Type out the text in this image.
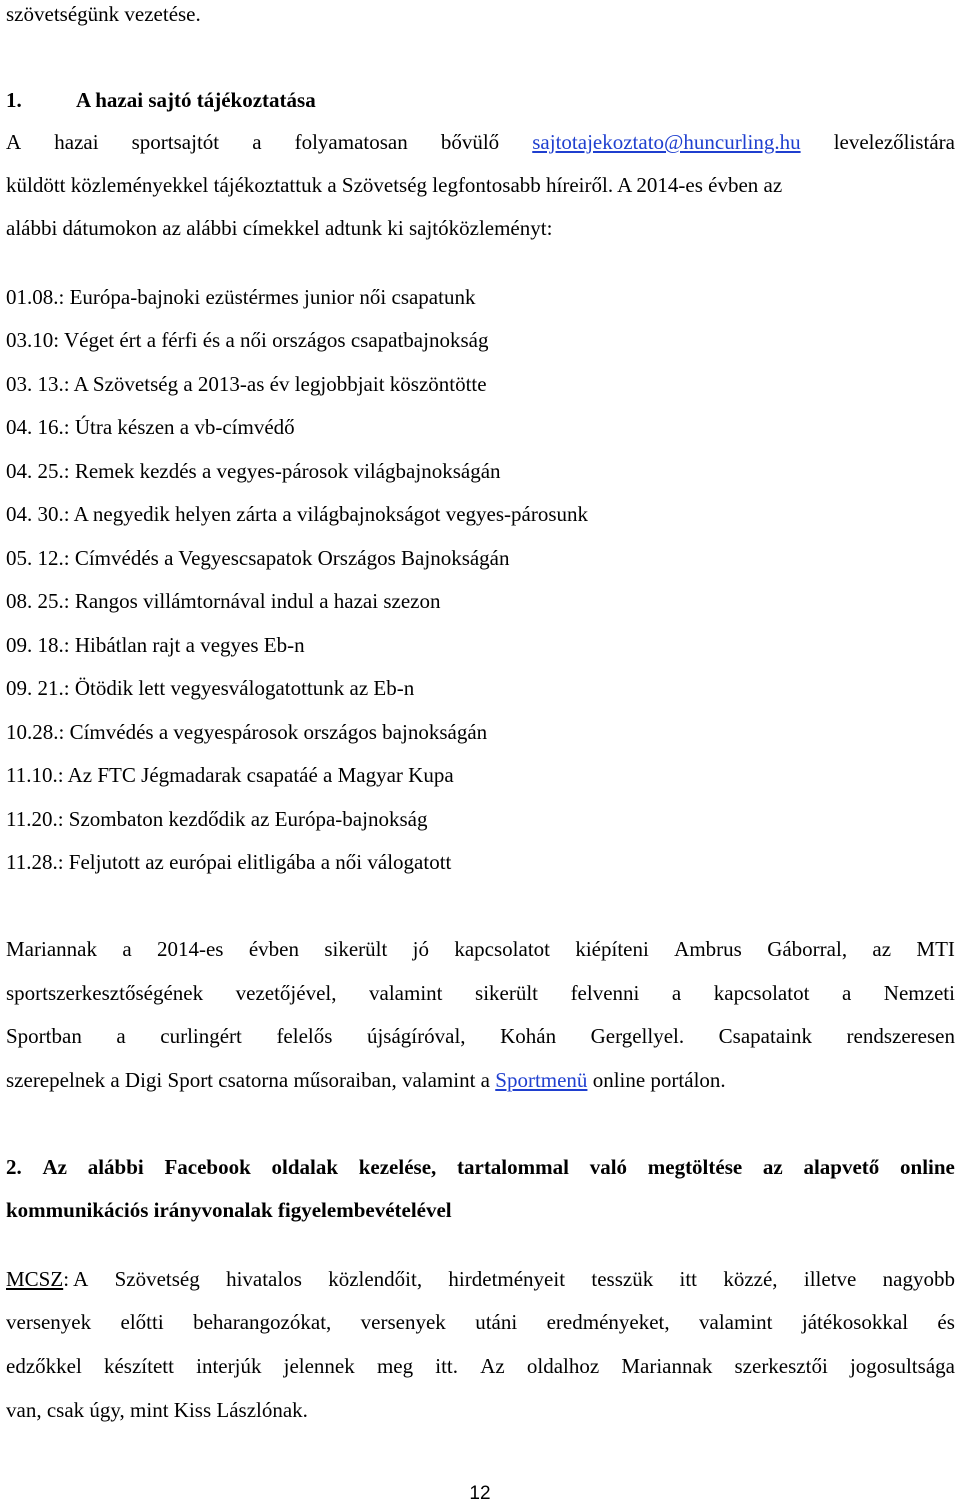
szövetségünk vezetése.
1.	A hazai sajtó tájékoztatása
A hazai sportsajtót a folyamatosan bővülő sajtotajekoztato@huncurling.hu levelezőlistára
küldött közleményekkel tájékoztattuk a Szövetség legfontosabb híreiről. A 2014-es évben az
alábbi dátumokon az alábbi címekkel adtunk ki sajtóközleményt:
01.08.: Európa-bajnoki ezüstérmes junior női csapatunk
03.10: Véget ért a férfi és a női országos csapatbajnokság
03. 13.: A Szövetség a 2013-as év legjobbjait köszöntötte
04. 16.: Útra készen a vb-címvédő
04. 25.: Remek kezdés a vegyes-párosok világbajnokságán
04. 30.: A negyedik helyen zárta a világbajnokságot vegyes-párosunk
05. 12.: Címvédés a Vegyescsapatok Országos Bajnokságán
08. 25.: Rangos villámtornával indul a hazai szezon
09. 18.: Hibátlan rajt a vegyes Eb-n
09. 21.: Ötödik lett vegyesválogatottunk az Eb-n
10.28.: Címvédés a vegyespárosok országos bajnokságán
11.10.: Az FTC Jégmadarak csapatáé a Magyar Kupa
11.20.: Szombaton kezdődik az Európa-bajnokság
11.28.: Feljutott az európai elitligába a női válogatott
Mariannak a 2014-es évben sikerült jó kapcsolatot kiépíteni Ambrus Gáborral, az MTI
sportszerkesztőségének vezetőjével, valamint sikerült felvenni a kapcsolatot a Nemzeti
Sportban a curlingért felelős újságíróval, Kohán Gergellyel. Csapataink rendszeresen
szerepelnek a Digi Sport csatorna műsoraiban, valamint a Sportmenü online portálon.
2. Az alábbi Facebook oldalak kezelése, tartalommal való megtöltése az alapvető online
kommunikációs irányvonalak figyelembevételével
MCSZ: A Szövetség hivatalos közlendőit, hirdetményeit tesszük itt közzé, illetve nagyobb
versenyek előtti beharangozókat, versenyek utáni eredményeket, valamint játékosokkal és
edzőkkel készített interjúk jelennek meg itt. Az oldalhoz Mariannak szerkesztői jogosultsága
van, csak úgy, mint Kiss Lászlónak.
12
